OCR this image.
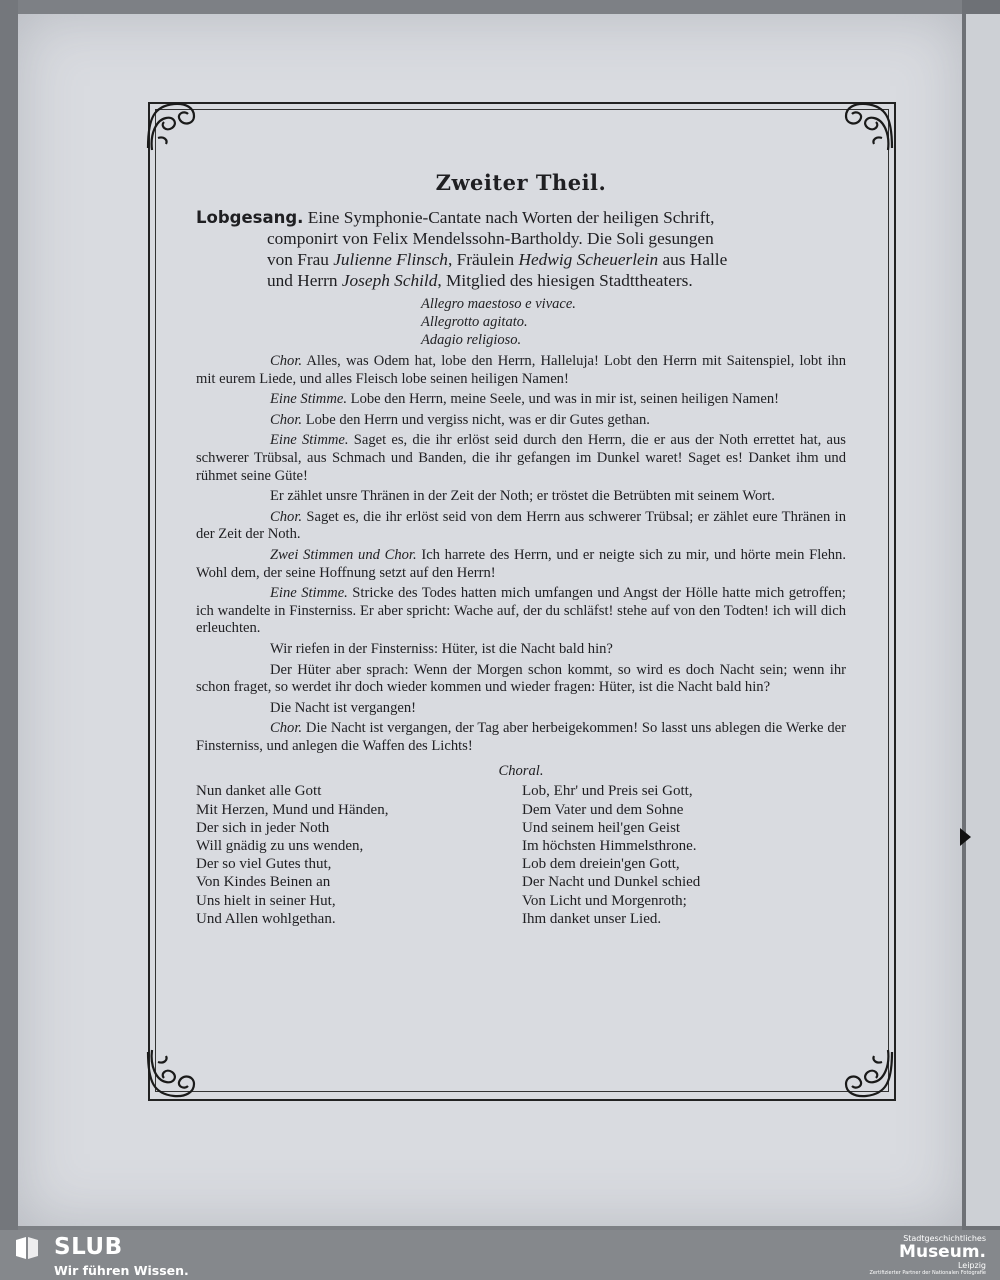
Zweiter Theil.

Lobgesang. Eine Symphonie-Cantate nach Worten der heiligen Schrift,
componirt von Felix Mendelssohn-Bartholdy. Die Soli gesungen
von Frau Julienne Flinsch, Fräulein Hedwig Scheuerlein aus Halle
und Herrn Joseph Schild, Mitglied des hiesigen Stadttheaters.

Allegro maestoso e vivace.
Allegrotto agitato.
Adagio religioso.

Chor. Alles, was Odem hat, lobe den Herrn, Halleluja! Lobt den Herrn mit Saitenspiel, lobt ihn mit eurem Liede, und alles Fleisch lobe seinen heiligen Namen!

Eine Stimme. Lobe den Herrn, meine Seele, und was in mir ist, seinen heiligen Namen!

Chor. Lobe den Herrn und vergiss nicht, was er dir Gutes gethan.

Eine Stimme. Saget es, die ihr erlöst seid durch den Herrn, die er aus der Noth errettet hat, aus schwerer Trübsal, aus Schmach und Banden, die ihr gefangen im Dunkel waret! Saget es! Danket ihm und rühmet seine Güte!

Er zählet unsre Thränen in der Zeit der Noth; er tröstet die Betrübten mit seinem Wort.

Chor. Saget es, die ihr erlöst seid von dem Herrn aus schwerer Trübsal; er zählet eure Thränen in der Zeit der Noth.

Zwei Stimmen und Chor. Ich harrete des Herrn, und er neigte sich zu mir, und hörte mein Flehn. Wohl dem, der seine Hoffnung setzt auf den Herrn!

Eine Stimme. Stricke des Todes hatten mich umfangen und Angst der Hölle hatte mich getroffen; ich wandelte in Finsterniss. Er aber spricht: Wache auf, der du schläfst! stehe auf von den Todten! ich will dich erleuchten.

Wir riefen in der Finsterniss: Hüter, ist die Nacht bald hin?

Der Hüter aber sprach: Wenn der Morgen schon kommt, so wird es doch Nacht sein; wenn ihr schon fraget, so werdet ihr doch wieder kommen und wieder fragen: Hüter, ist die Nacht bald hin?

Die Nacht ist vergangen!

Chor. Die Nacht ist vergangen, der Tag aber herbeigekommen! So lasst uns ablegen die Werke der Finsterniss, und anlegen die Waffen des Lichts!

Choral.
Nun danket alle Gott
Mit Herzen, Mund und Händen,
Der sich in jeder Noth
Will gnädig zu uns wenden,
Der so viel Gutes thut,
Von Kindes Beinen an
Uns hielt in seiner Hut,
Und Allen wohlgethan.
Lob, Ehr' und Preis sei Gott,
Dem Vater und dem Sohne
Und seinem heil'gen Geist
Im höchsten Himmelsthrone.
Lob dem dreiein'gen Gott,
Der Nacht und Dunkel schied
Von Licht und Morgenroth;
Ihm danket unser Lied.
SLUB
Wir führen Wissen.
Stadtgeschichtliches
Museum.
Leipzig
Zertifizierter Partner der Nationalen Fotografie
